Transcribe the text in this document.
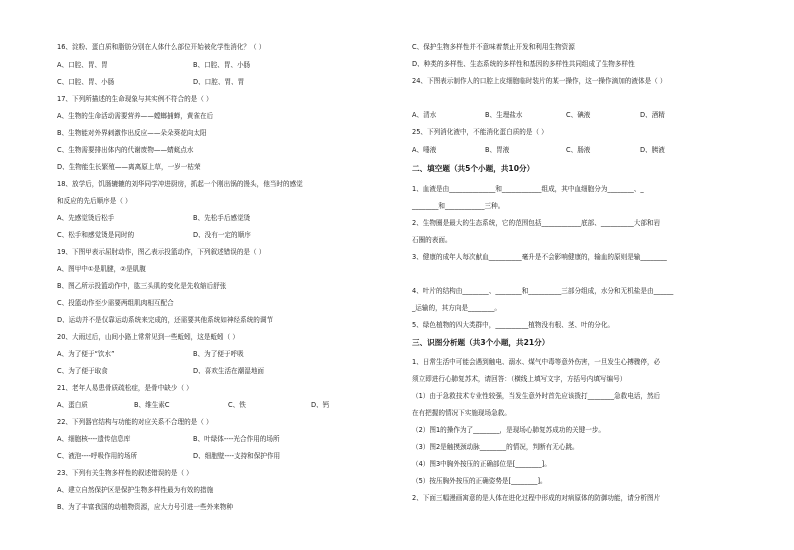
16、淀粉、蛋白质和脂肪分别在人体什么部位开始被化学性消化？（ ）
A、口腔、胃、胃	B、口腔、胃、小肠
C、口腔、胃、小肠	D、口腔、胃、胃
17、下列所描述的生命现象与其实例不符合的是（ ）
A、生物的生命活动需要营养——螳螂捕蝉，黄雀在后
B、生物能对外界刺激作出反应——朵朵葵花向太阳
C、生物需要排出体内的代谢废物——蜻蜓点水
D、生物能生长繁殖——离离原上草，一岁一枯荣
18、放学后，饥肠辘辘的刘华同学冲进厨房，抓起一个刚出锅的馒头，他当时的感觉
和反应的先后顺序是（ ）
A、先感觉烫后松手	B、先松手后感觉烫
C、松手和感觉烫是同时的	D、没有一定的顺序
19、下图甲表示屈肘动作，图乙表示投篮动作，下列叙述错误的是（ ）
A、图甲中①是肌腱，②是肌腹
B、图乙所示投篮动作中，肱三头肌的变化是先收缩后舒张
C、投篮动作至少需要两组肌肉相互配合
D、运动并不是仅靠运动系统来完成的，还需要其他系统如神经系统的调节
20、大雨过后，山间小路上常常见到一些蚯蚓，这是蚯蚓（ ）
A、为了便于“饮水”	B、为了便于呼吸
C、为了便于取食	D、喜欢生活在潮湿地面
21、老年人易患骨质疏松症，是骨中缺少（ ）
A、蛋白质	B、维生素C	C、铁	D、钙
22、下列器官结构与功能的对应关系不合理的是（ ）
A、细胞核----遗传信息库	B、叶绿体----光合作用的场所
C、液泡----呼吸作用的场所	D、细胞壁----支持和保护作用
23、下列有关生物多样性的叙述错误的是（ ）
A、建立自然保护区是保护生物多样性最为有效的措施
B、为了丰富我国的动植物资源，应大力号引进一些外来物种
C、保护生物多样性并不意味着禁止开发和利用生物资源
D、种类的多样性、生态系统的多样性和基因的多样性共同组成了生物多样性
24、下图表示制作人的口腔上皮细胞临时装片的某一操作，这一操作滴加的液体是（ ）
A、清水	B、生理盐水	C、碘液	D、酒精
25、下列消化液中，不能消化蛋白质的是（ ）
A、唾液	B、胃液	C、肠液	D、胰液
二、填空题（共5个小题，共10分）
1、血液是由______________和____________组成，其中血细胞分为________、_
________和____________三种。
2、生物圈是最大的生态系统，它的范围包括____________底部、__________大部和岩
石圈的表面。
3、健康的成年人每次献血__________毫升是不会影响健康的，输血的原则是输________
4、叶片的结构由________、________和__________三部分组成，水分和无机盐是由______
_运输的，其方向是________。
5、绿色植物的四大类群中，__________植物没有根、茎、叶的分化。
三、识图分析题（共3个小题，共21分）
1、日常生活中可能会遇到触电、溺水、煤气中毒等意外伤害，一旦发生心搏骤停，必
须立即进行心肺复苏术，请回答：（横线上填写文字，方括号内填写编号）
（1）由于急救技术专业性较强，当发生意外时首先应该拨打________急救电话，然后
在有把握的情况下实施现场急救。
（2）图1的操作为了________，是现场心肺复苏成功的关键一步。
（3）图2是触摸颈动脉________的情况，判断有无心跳。
（4）图3中胸外按压的正确部位是[________]。
（5）按压胸外按压的正确姿势是[________]。
2、下面三幅漫画寓意的是人体在进化过程中形成的对病原体的防御功能，请分析图片
